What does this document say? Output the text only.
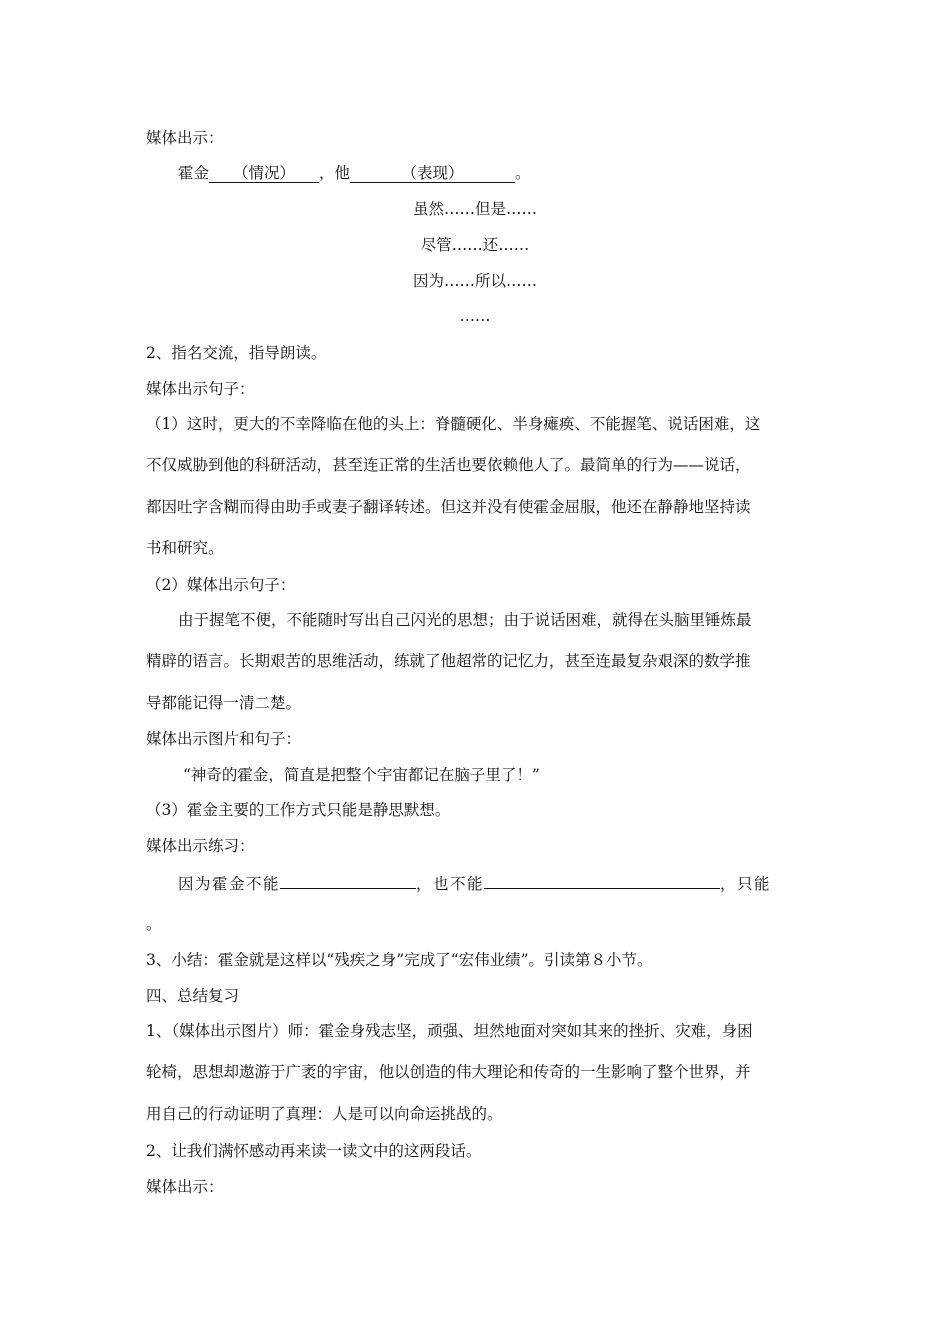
媒体出示：
霍金 （情况） ，他	（表现）	。
虽然……但是……
尽管……还……
因为……所以……
……
2、指名交流，指导朗读。
媒体出示句子：
（1）这时，更大的不幸降临在他的头上：脊髓硬化、半身瘫痪、不能握笔、说话困难，这
不仅威胁到他的科研活动，甚至连正常的生活也要依赖他人了。最简单的行为——说话，
都因吐字含糊而得由助手或妻子翻译转述。但这并没有使霍金屈服，他还在静静地坚持读
书和研究。
（2）媒体出示句子：
由于握笔不便，不能随时写出自己闪光的思想；由于说话困难，就得在头脑里锤炼最
精辟的语言。长期艰苦的思维活动，练就了他超常的记忆力，甚至连最复杂艰深的数学推
导都能记得一清二楚。
媒体出示图片和句子：
“神奇的霍金，简直是把整个宇宙都记在脑子里了！”
（3）霍金主要的工作方式只能是静思默想。
媒体出示练习：
因为霍金不能	，也不能	，只能
。
3、小结：霍金就是这样以“残疾之身”完成了“宏伟业绩”。引读第８小节。
四、总结复习
1、（媒体出示图片）师：霍金身残志坚，顽强、坦然地面对突如其来的挫折、灾难，身困
轮椅，思想却遨游于广袤的宇宙，他以创造的伟大理论和传奇的一生影响了整个世界，并
用自己的行动证明了真理：人是可以向命运挑战的。
2、让我们满怀感动再来读一读文中的这两段话。
媒体出示：
